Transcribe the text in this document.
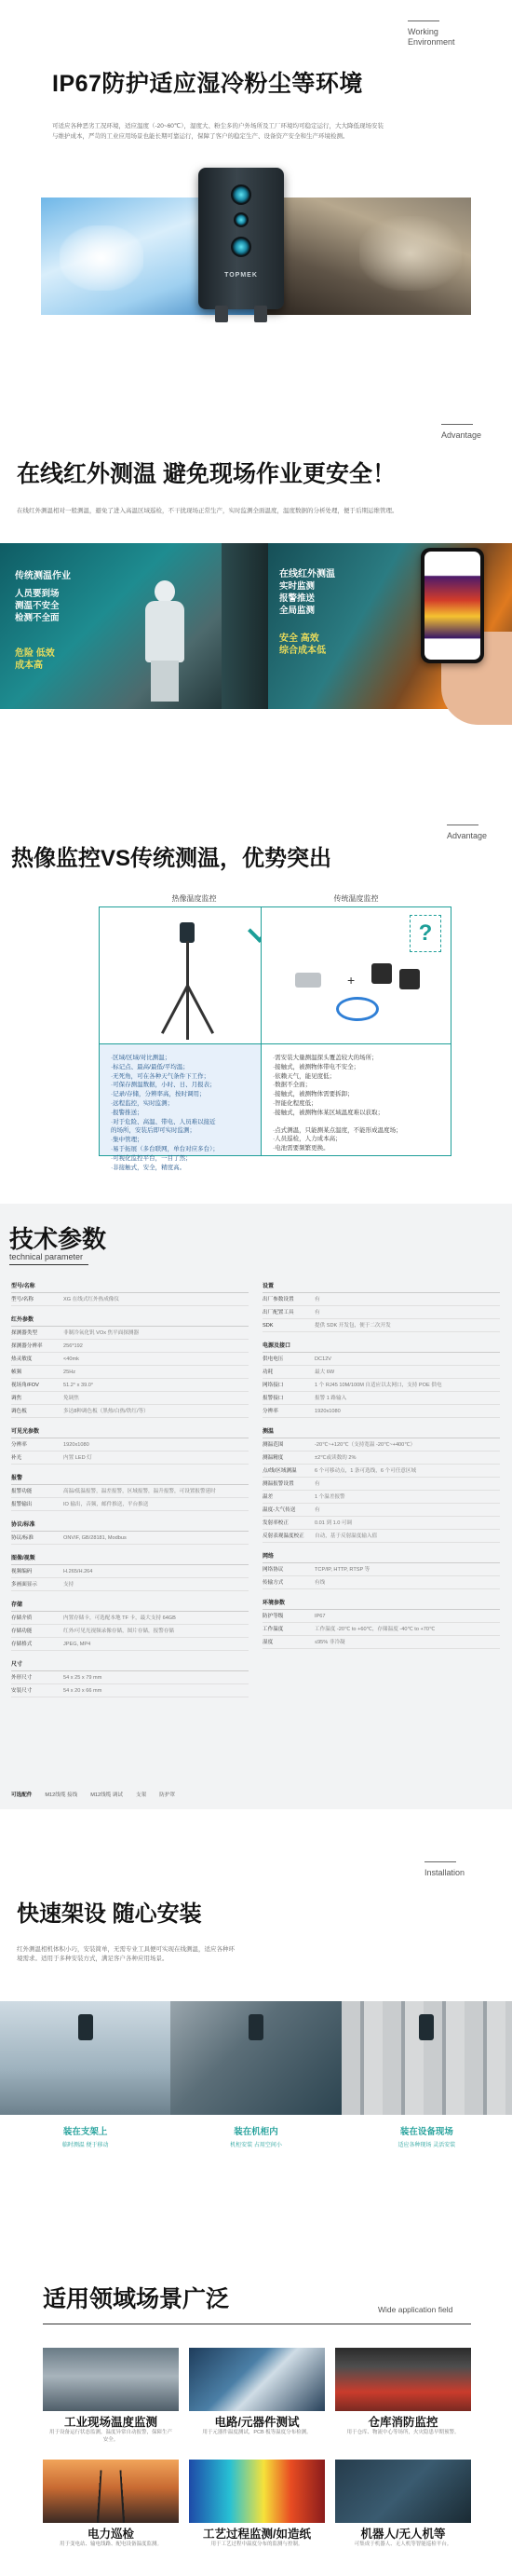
Working
Environment
IP67防护适应湿冷粉尘等环境

可适应各种恶劣工况环境，适应温度（-20~60℃），湿度大、粉尘多的户外场所及工厂环境均可稳定运行，大大降低现场安装与维护成本，严苛的工业应用场景也能长期可靠运行，保障了客户的稳定生产、设备资产安全和生产环境检测。

TOPMEK
Advantage
在线红外测温 避免现场作业更安全！

在线红外测温相对一般测温，避免了进入高温区域巡检，不干扰现场正常生产，实时监测全面温度，温度数据的分析处理，便于后期运维管理。

传统测温作业
人员要到场
测温不安全
检测不全面
危险 低效
成本高
在线红外测温
实时监测
报警推送
全局监测
安全 高效
综合成本低
Advantage
热像监控VS传统测温，优势突出
热像温度监控
·区域/区域/对比测温；
·标记点、最高/最低/平均温；
·无死角，可在各种天气条件下工作；
·可保存测温数据，小时、日、月报表；
·记录/存储，分辨率高，按时调用；
·远程监控，实时监测；
·报警推送；
·对于危险、高温、带电、人员难以接近
的场所，安装后即可实时监测；
·集中管理；
·易于拓展（多台联网，单台对应多台）；
·可视化监控平台，一目了然；
·非接触式，安全，精度高。
传统温度监控
+
?
·需安装大量测温探头覆盖较大的场所；
·接触式，被测物体带电不安全；
·依赖天气，能见度低；
·数据不全面；
·接触式，被测物体需要拆卸；
·智能化程度低；
·接触式，被测物体某区域温度难以获取；
·点式测温，只能测某点温度，不能形成温度场；
·人员巡检，人力成本高；
·电池需要频繁更换。
技术参数
technical parameter
型号/名称
型号/名称	XG 在线式红外热成像仪
红外参数
探测器类型	非制冷氧化钒 VOx 焦平面探测器
探测器分辨率	256*192
热灵敏度	<40mk
帧频	25Hz
视场角/FOV	51.2° x 39.0°
调焦	免调焦
调色板	多达8种调色板（黑热/白热/铁红/等）
可见光参数
分辨率	1920x1080
补光	内置 LED 灯
报警
报警功能	高温/低温报警，温差报警，区域报警，温升报警，可设置报警延时
报警输出	IO 输出，音频，邮件推送，平台推送
协议/标准
协议/标准	ONVIF, GB/28181, Modbus
图像/视频
视频编码	H.265/H.264
多画面显示	支持
存储
存储介质	内置存储卡，可选配本地 TF 卡，最大支持 64GB
存储功能	红外/可见光视频录像存储，图片存储，报警存储
存储格式	JPEG, MP4
尺寸
外形尺寸	54 x 25 x 79 mm
安装尺寸	54 x 20 x 66 mm
设置
出厂参数设置	有
出厂配置工具	有
SDK	提供 SDK 开发包，便于二次开发
电源及接口
供电电压	DC12V
功耗	最大 6W
网络接口	1 个 RJ45 10M/100M 自适应以太网口，支持 POE 供电
报警接口	报警 1 路输入
分辨率	1920x1080
测温
测温范围	-20℃~+120℃（支持宽温 -20℃~+400℃）
测温精度	±2℃或读数的 2%
点/线/区域测温	6 个可移动点，1 条可选线，6 个可任意区域
测温报警设置	有
温差	1 个温差报警
温度-大气传送	有
发射率校正	0.01 到 1.0 可调
反射表观温度校正	自动，基于反射温度输入值
网络
网络协议	TCP/IP, HTTP, RTSP 等
传输方式	有线
环境参数
防护等级	IP67
工作温度	工作温度 -20℃ to +60℃，存储温度 -40℃ to +70℃
湿度	≤95% 非冷凝
可选配件	M12线缆 接线	M12线缆 调试	支架	防护罩
Installation
快速架设 随心安装

红外测温相机体积小巧，安装简单，无需专业工具便可实现在线测温，适应各种环境需求。适用于多种安装方式，满足客户各种应用场景。

装在支架上
临时测温 便于移动
装在机柜内
机柜安装 占用空间小
装在设备现场
适应各种现场 灵活安装
适用领域场景广泛	Wide application field
工业现场温度监测
用于设备运行状态监测，温度异常自动报警，保障生产安全。
电路/元器件测试
用于元器件温度测试，PCB 板等温度分布检测。
仓库消防监控
用于仓库、物流中心等场所，火灾隐患早期预警。
电力巡检
用于变电站、输电线路、配电设备温度监测。
工艺过程监测/如造纸
用于工艺过程中温度分布的监测与控制。
机器人/无人机等
可集成于机器人、无人机等智能巡检平台。
